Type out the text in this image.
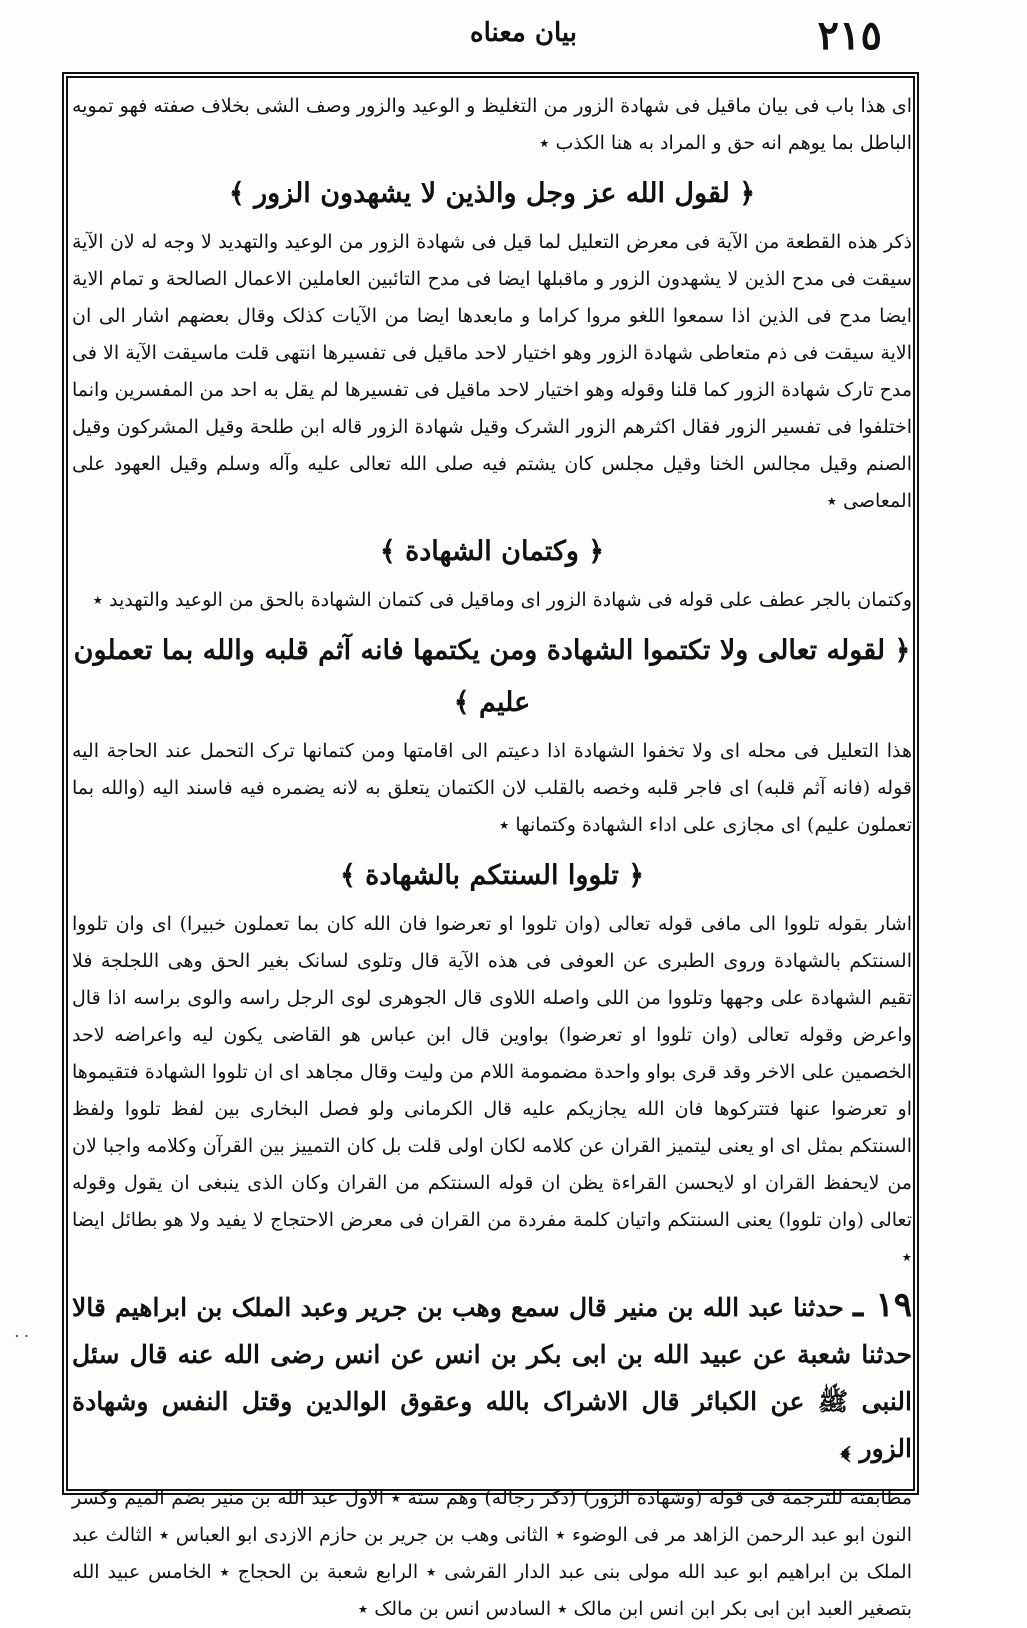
٢١٥
بیان معناه

ای هذا باب فی بیان ماقیل فی شهادة الزور من التغلیظ و الوعید والزور وصف الشی بخلاف صفته فهو تمویه الباطل بما یوهم انه حق و المراد به هنا الکذب ٭

﴿ لقول الله عز وجل والذین لا یشهدون الزور ﴾

ذکر هذه القطعة من الآیة فی معرض التعلیل لما قیل فی شهادة الزور من الوعید والتهدید لا وجه له لان الآیة سیقت فی مدح الذین لا یشهدون الزور و ماقبلها ایضا فی مدح التائبین العاملین الاعمال الصالحة و تمام الایة ایضا مدح فی الذین اذا سمعوا اللغو مروا کراما و مابعدها ایضا من الآیات کذلک وقال بعضهم اشار الی ان الایة سیقت فی ذم متعاطی شهادة الزور وهو اختیار لاحد ماقیل فی تفسیرها انتهی قلت ماسیقت الآیة الا فی مدح تارک شهادة الزور کما قلنا وقوله وهو اختیار لاحد ماقیل فی تفسیرها لم یقل به احد من المفسرین وانما اختلفوا فی تفسیر الزور فقال اکثرهم الزور الشرک وقیل شهادة الزور قاله ابن طلحة وقیل المشرکون وقیل الصنم وقیل مجالس الخنا وقیل مجلس کان یشتم فیه صلی الله تعالی علیه وآله وسلم وقیل العهود علی المعاصی ٭

﴿ وکتمان الشهادة ﴾

وکتمان بالجر عطف علی قوله فی شهادة الزور ای وماقیل فی کتمان الشهادة بالحق من الوعید والتهدید ٭

﴿ لقوله تعالی ولا تکتموا الشهادة ومن یکتمها فانه آثم قلبه والله بما تعملون علیم ﴾

هذا التعلیل فی محله ای ولا تخفوا الشهادة اذا دعیتم الی اقامتها ومن کتمانها ترک التحمل عند الحاجة الیه قوله (فانه آثم قلبه) ای فاجر قلبه وخصه بالقلب لان الکتمان یتعلق به لانه یضمره فیه فاسند الیه (والله بما تعملون علیم) ای مجازی علی اداء الشهادة وکتمانها ٭

﴿ تلووا السنتکم بالشهادة ﴾

اشار بقوله تلووا الی مافی قوله تعالی (وان تلووا او تعرضوا فان الله کان بما تعملون خبیرا) ای وان تلووا السنتکم بالشهادة وروی الطبری عن العوفی فی هذه الآیة قال وتلوی لسانک بغیر الحق وهی اللجلجة فلا تقیم الشهادة علی وجهها وتلووا من اللی واصله اللاوی قال الجوهری لوی الرجل راسه والوی براسه اذا قال واعرض وقوله تعالی (وان تلووا او تعرضوا) بواوین قال ابن عباس هو القاضی یکون لیه واعراضه لاحد الخصمین علی الاخر وقد قری بواو واحدة مضمومة اللام من ولیت وقال مجاهد ای ان تلووا الشهادة فتقیموها او تعرضوا عنها فتترکوها فان الله یجازیکم علیه قال الکرمانی ولو فصل البخاری بین لفظ تلووا ولفظ السنتکم بمثل ای او یعنی لیتمیز القران عن کلامه لکان اولی قلت بل کان التمییز بین القرآن وکلامه واجبا لان من لایحفظ القران او لایحسن القراءة یظن ان قوله السنتکم من القران وکان الذی ینبغی ان یقول وقوله تعالی (وان تلووا) یعنی السنتکم واتیان کلمة مفردة من القران فی معرض الاحتجاج لا یفید ولا هو بطائل ایضا ٭

١٩ ـ حدثنا عبد الله بن منیر قال سمع وهب بن جریر وعبد الملک بن ابراهیم قالا حدثنا شعبة عن عبید الله بن ابی بکر بن انس عن انس رضی الله عنه قال سئل النبی ﷺ عن الکبائر قال الاشراک بالله وعقوق الوالدین وقتل النفس وشهادة الزور ﴾

مطابقته للترجمة فی قوله (وشهادة الزور) (ذکر رجاله) وهم ستة ٭ الاول عبد الله بن منیر بضم المیم وکسر النون ابو عبد الرحمن الزاهد مر فی الوضوء ٭ الثانی وهب بن جریر بن حازم الازدی ابو العباس ٭ الثالث عبد الملک بن ابراهیم ابو عبد الله مولی بنی عبد الدار القرشی ٭ الرابع شعبة بن الحجاج ٭ الخامس عبید الله بتصغیر العبد ابن ابی بکر ابن انس ابن مالک ٭ السادس انس بن مالک ٭

۰۰
